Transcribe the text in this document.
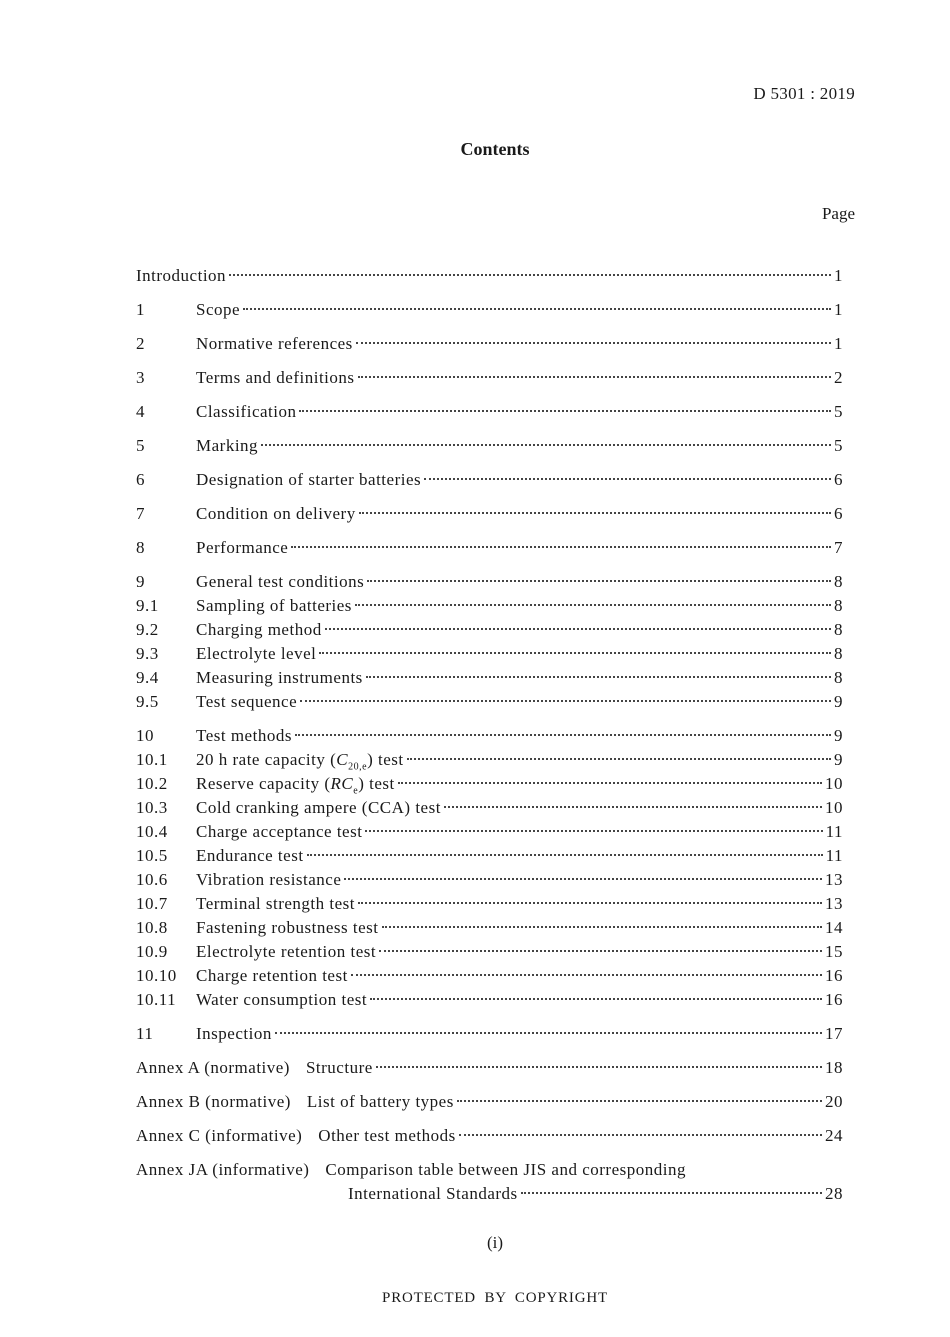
D 5301 : 2019
Contents
Page
Introduction	1
1	Scope	1
2	Normative references	1
3	Terms and definitions	2
4	Classification	5
5	Marking	5
6	Designation of starter batteries	6
7	Condition on delivery	6
8	Performance	7
9	General test conditions	8
9.1	Sampling of batteries	8
9.2	Charging method	8
9.3	Electrolyte level	8
9.4	Measuring instruments	8
9.5	Test sequence	9
10	Test methods	9
10.1	20 h rate capacity $(C_{20,e})$ test	9
10.2	Reserve capacity $(RC_e)$ test	10
10.3	Cold cranking ampere (CCA) test	10
10.4	Charge acceptance test	11
10.5	Endurance test	11
10.6	Vibration resistance	13
10.7	Terminal strength test	13
10.8	Fastening robustness test	14
10.9	Electrolyte retention test	15
10.10	Charge retention test	16
10.11	Water consumption test	16
11	Inspection	17
Annex A (normative) Structure	18
Annex B (normative) List of battery types	20
Annex C (informative) Other test methods	24
Annex JA (informative) Comparison table between JIS and corresponding
International Standards	28
(i)
PROTECTED BY COPYRIGHT
